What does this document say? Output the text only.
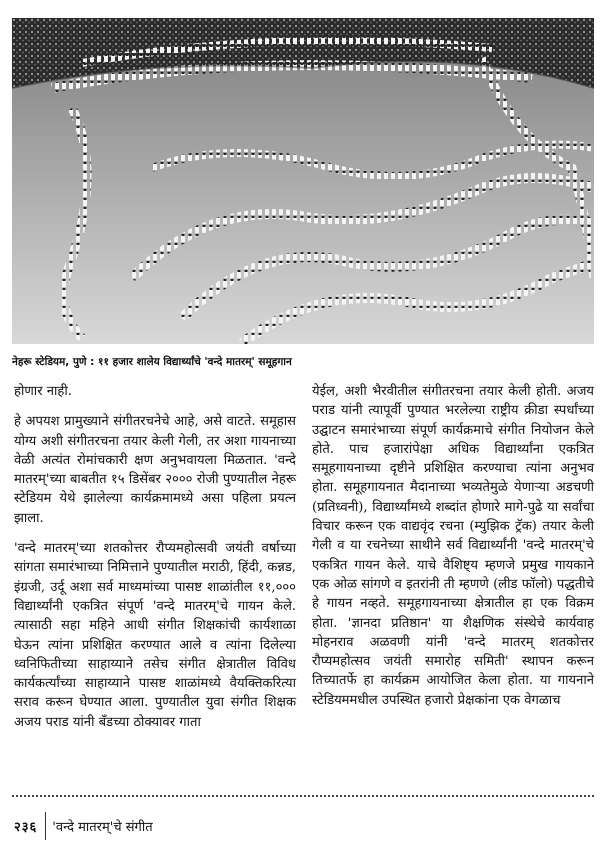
नेहरू स्टेडियम, पुणे : ११ हजार शालेय विद्यार्थ्यांचे 'वन्दे मातरम्' समूहगान

होणार नाही.

हे अपयश प्रामुख्याने संगीतरचनेचे आहे, असे वाटते. समूहास योग्य अशी संगीतरचना तयार केली गेली, तर अशा गायनाच्या वेळी अत्यंत रोमांचकारी क्षण अनुभवायला मिळतात. 'वन्दे मातरम्'च्या बाबतीत १५ डिसेंबर २००० रोजी पुण्यातील नेहरू स्टेडियम येथे झालेल्या कार्यक्रमामध्ये असा पहिला प्रयत्न झाला.

'वन्दे मातरम्'च्या शतकोत्तर रौप्यमहोत्सवी जयंती वर्षाच्या सांगता समारंभाच्या निमित्ताने पुण्यातील मराठी, हिंदी, कन्नड, इंग्रजी, उर्दू अशा सर्व माध्यमांच्या पासष्ट शाळांतील ११,००० विद्यार्थ्यांनी एकत्रित संपूर्ण 'वन्दे मातरम्'चे गायन केले. त्यासाठी सहा महिने आधी संगीत शिक्षकांची कार्यशाळा घेऊन त्यांना प्रशिक्षित करण्यात आले व त्यांना दिलेल्या ध्वनिफितीच्या साहाय्याने तसेच संगीत क्षेत्रातील विविध कार्यकर्त्यांच्या साहाय्याने पासष्ट शाळांमध्ये वैयक्तिकरित्या सराव करून घेण्यात आला. पुण्यातील युवा संगीत शिक्षक अजय पराड यांनी बँडच्या ठोक्यावर गाता

येईल, अशी भैरवीतील संगीतरचना तयार केली होती. अजय पराड यांनी त्यापूर्वी पुण्यात भरलेल्या राष्ट्रीय क्रीडा स्पर्धांच्या उद्घाटन समारंभाच्या संपूर्ण कार्यक्रमाचे संगीत नियोजन केले होते. पाच हजारांपेक्षा अधिक विद्यार्थ्यांना एकत्रित समूहगायनाच्या दृष्टीने प्रशिक्षित करण्याचा त्यांना अनुभव होता. समूहगायनात मैदानाच्या भव्यतेमुळे येणाऱ्या अडचणी (प्रतिध्वनी), विद्यार्थ्यांमध्ये शब्दांत होणारे मागे-पुढे या सर्वांचा विचार करून एक वाद्यवृंद रचना (म्युझिक ट्रॅक) तयार केली गेली व या रचनेच्या साथीने सर्व विद्यार्थ्यांनी 'वन्दे मातरम्'चे एकत्रित गायन केले. याचे वैशिष्ट्य म्हणजे प्रमुख गायकाने एक ओळ सांगणे व इतरांनी ती म्हणणे (लीड फॉलो) पद्धतीचे हे गायन नव्हते. समूहगायनाच्या क्षेत्रातील हा एक विक्रम होता. 'ज्ञानदा प्रतिष्ठान' या शैक्षणिक संस्थेचे कार्यवाह मोहनराव अळवणी यांनी 'वन्दे मातरम् शतकोत्तर रौप्यमहोत्सव जयंती समारोह समिती' स्थापन करून तिच्यातर्फे हा कार्यक्रम आयोजित केला होता. या गायनाने स्टेडियममधील उपस्थित हजारो प्रेक्षकांना एक वेगळाच

२३६ 'वन्दे मातरम्'चे संगीत
